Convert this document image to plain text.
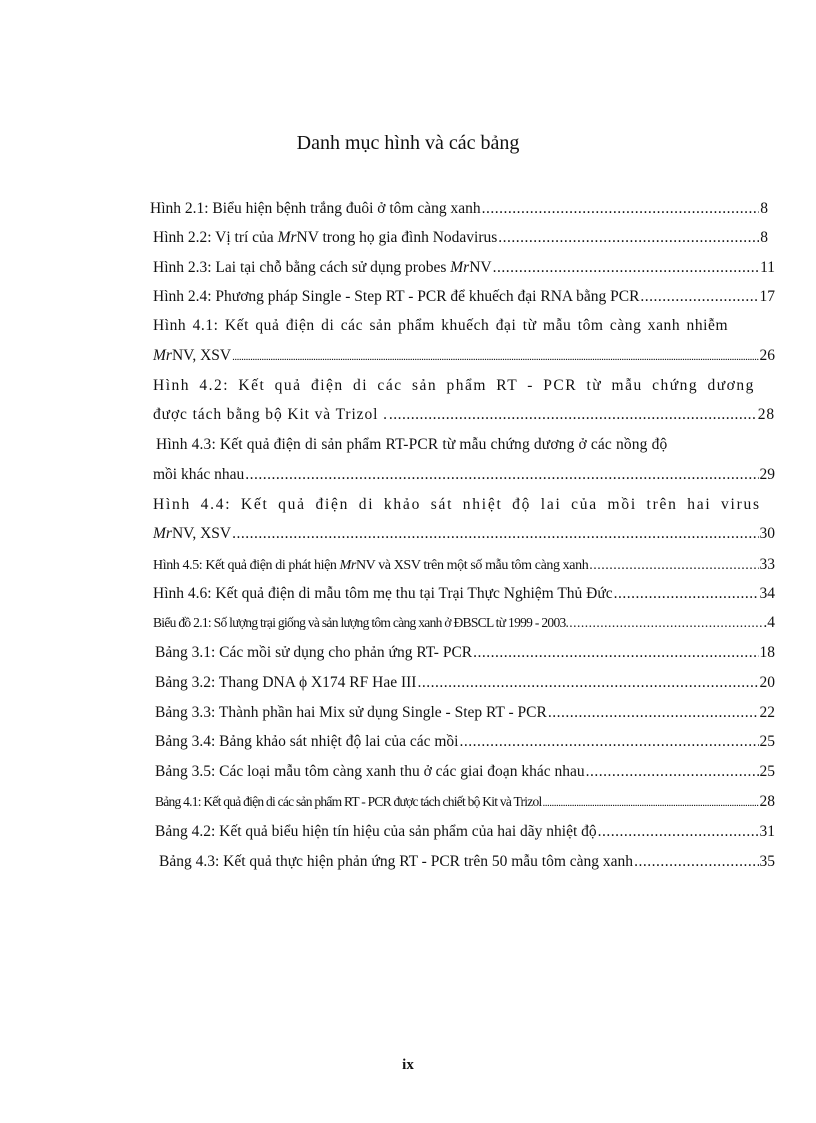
Danh mục hình và các bảng
Hình 2.1: Biểu hiện bệnh trắng đuôi ở tôm càng xanh .....	8
Hình 2.2: Vị trí của MrNV trong họ gia đình Nodavirus .....	8
Hình 2.3: Lai tại chỗ bằng cách sử dụng probes MrNV .....	11
Hình 2.4: Phương pháp Single - Step RT - PCR để khuếch đại RNA bằng PCR .....	17
Hình 4.1: Kết quả điện di các sản phẩm khuếch đại từ mẫu tôm càng xanh nhiễm
MrNV, XSV .....	26
Hình 4.2: Kết quả điện di các sản phẩm RT - PCR từ mẫu chứng dương
được tách bằng bộ Kit và Trizol . .....	28
Hình 4.3: Kết quả điện di sản phẩm RT-PCR từ mẫu chứng dương ở các nồng độ
mồi khác nhau .....	29
Hình 4.4: Kết quả điện di khảo sát nhiệt độ lai của mồi trên hai virus
MrNV, XSV .....	30
Hình 4.5: Kết quả điện di phát hiện MrNV và XSV trên một số mẫu tôm càng xanh .....	33
Hình 4.6: Kết quả điện di mẫu tôm mẹ thu tại Trại Thực Nghiệm Thủ Đức .....	34
Biểu đồ 2.1: Số lượng trại giống và sản lượng tôm càng xanh ở ĐBSCL từ 1999 - 2003. .....	.4
Bảng 3.1: Các mồi sử dụng cho phản ứng RT- PCR .....	18
Bảng 3.2: Thang DNA ϕ X174 RF Hae III .....	20
Bảng 3.3: Thành phần hai Mix sử dụng Single - Step RT - PCR .....	22
Bảng 3.4: Bảng khảo sát nhiệt độ lai của các mồi .....	25
Bảng 3.5: Các loại mẫu tôm càng xanh thu ở các giai đoạn khác nhau .....	25
Bảng 4.1: Kết quả điện di các sản phẩm RT - PCR được tách chiết bộ Kit và Trizol .....	28
Bảng 4.2: Kết quả biểu hiện tín hiệu của sản phẩm của hai dãy nhiệt độ .....	31
Bảng 4.3: Kết quả thực hiện phản ứng RT - PCR trên 50 mẫu tôm càng xanh .....	35
ix
